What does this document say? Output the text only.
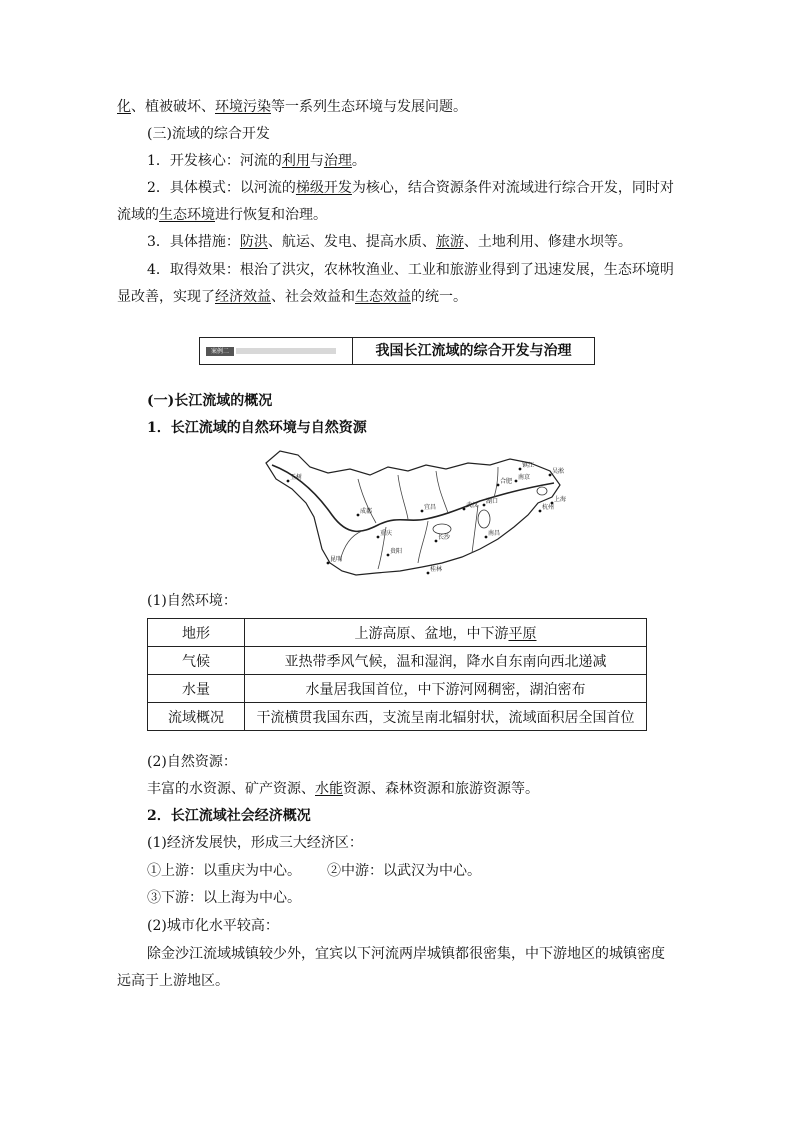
化、植被破坏、环境污染等一系列生态环境与发展问题。
(三)流域的综合开发
1．开发核心：河流的利用与治理。
2．具体模式：以河流的梯级开发为核心，结合资源条件对流域进行综合开发，同时对
流域的生态环境进行恢复和治理。
3．具体措施：防洪、航运、发电、提高水质、旅游、土地利用、修建水坝等。
4．取得效果：根治了洪灾，农林牧渔业、工业和旅游业得到了迅速发展，生态环境明
显改善，实现了经济效益、社会效益和生态效益的统一。
案例二	我国长江流域的综合开发与治理
(一)长江流域的概况
1．长江流域的自然环境与自然资源
玉树
成都
重庆
贵阳
昆明
桂林
武汉
长沙
南昌
合肥
南京
上海
杭州
镇江
吴淞
湖口
宜昌
(1)自然环境：
地形	上游高原、盆地，中下游平原
气候	亚热带季风气候，温和湿润，降水自东南向西北递减
水量	水量居我国首位，中下游河网稠密，湖泊密布
流域概况	干流横贯我国东西，支流呈南北辐射状，流域面积居全国首位
(2)自然资源：
丰富的水资源、矿产资源、水能资源、森林资源和旅游资源等。
2．长江流域社会经济概况
(1)经济发展快，形成三大经济区：
①上游：以重庆为中心。 ②中游：以武汉为中心。
③下游：以上海为中心。
(2)城市化水平较高：
除金沙江流域城镇较少外，宜宾以下河流两岸城镇都很密集，中下游地区的城镇密度
远高于上游地区。
